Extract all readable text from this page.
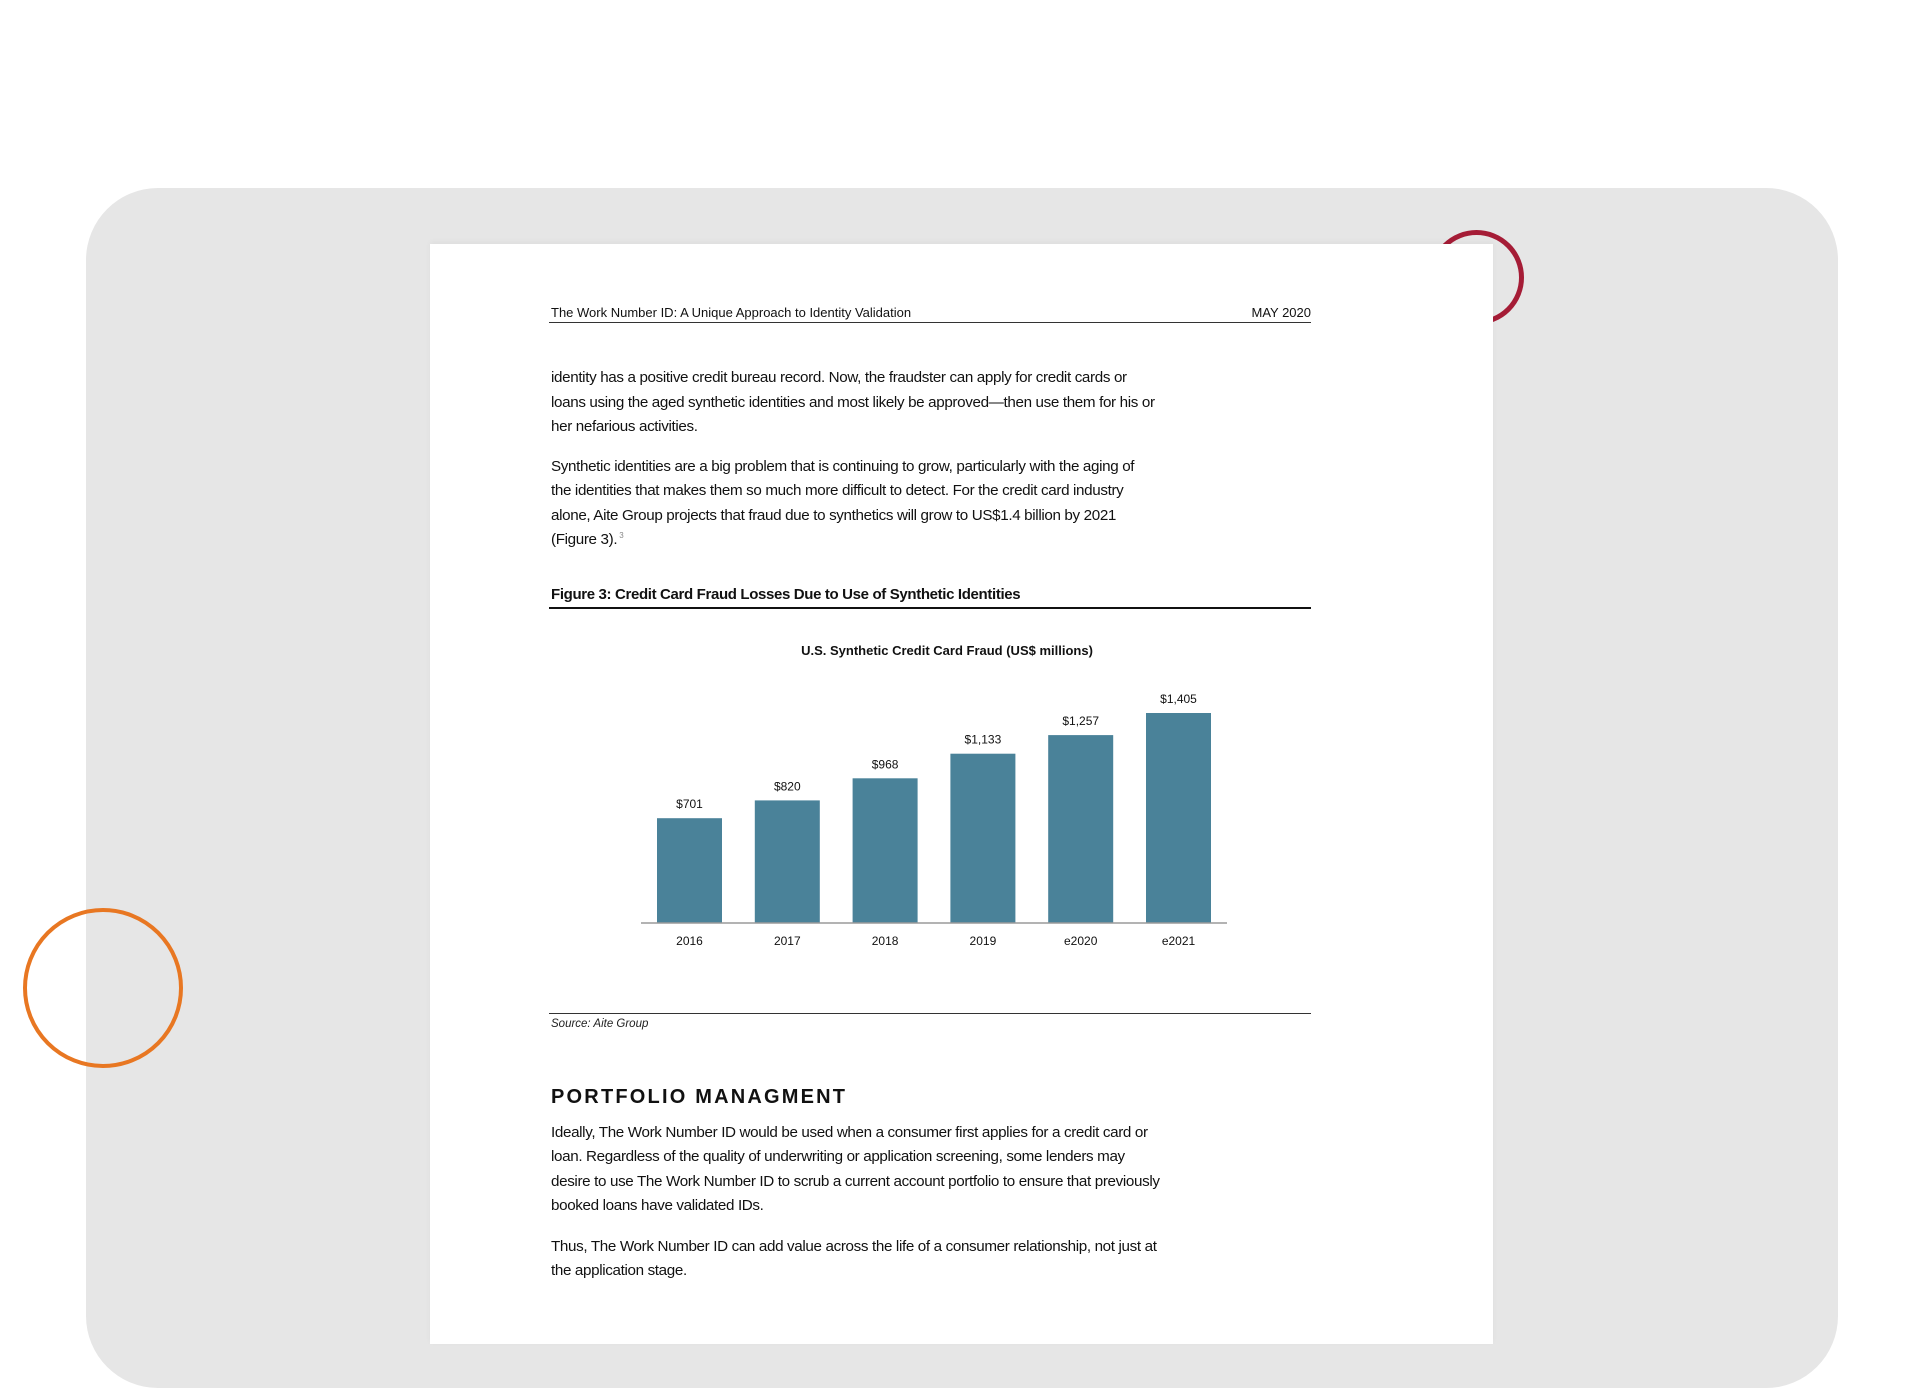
The Work Number ID: A Unique Approach to Identity Validation	MAY 2020
identity has a positive credit bureau record. Now, the fraudster can apply for credit cards or
loans using the aged synthetic identities and most likely be approved—then use them for his or
her nefarious activities.
Synthetic identities are a big problem that is continuing to grow, particularly with the aging of
the identities that makes them so much more difficult to detect. For the credit card industry
alone, Aite Group projects that fraud due to synthetics will grow to US$1.4 billion by 2021
(Figure 3). $^3$
Figure 3: Credit Card Fraud Losses Due to Use of Synthetic Identities
U.S. Synthetic Credit Card Fraud (US$ millions)
$701
2016
$820
2017
$968
2018
$1,133
2019
$1,257
e2020
$1,405
e2021
Source: Aite Group
PORTFOLIO MANAGMENT
Ideally, The Work Number ID would be used when a consumer first applies for a credit card or
loan. Regardless of the quality of underwriting or application screening, some lenders may
desire to use The Work Number ID to scrub a current account portfolio to ensure that previously
booked loans have validated IDs.
Thus, The Work Number ID can add value across the life of a consumer relationship, not just at
the application stage.
